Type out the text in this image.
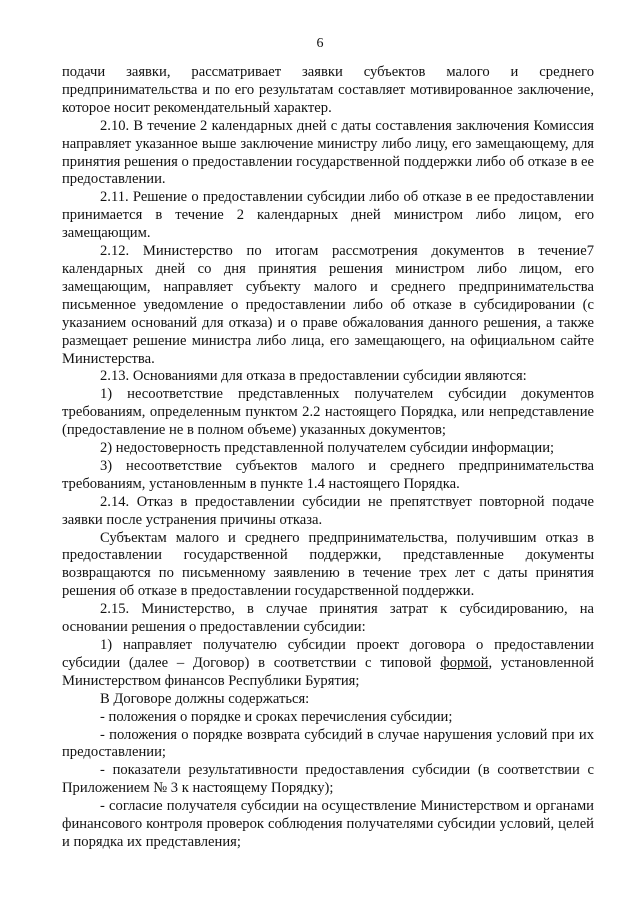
6

подачи заявки, рассматривает заявки субъектов малого и среднего предпринимательства и по его результатам составляет мотивированное заключение, которое носит рекомендательный характер.

2.10. В течение 2 календарных дней с даты составления заключения Комиссия направляет указанное выше заключение министру либо лицу, его замещающему, для принятия решения о предоставлении государственной поддержки либо об отказе в ее предоставлении.

2.11. Решение о предоставлении субсидии либо об отказе в ее предоставлении принимается в течение 2 календарных дней министром либо лицом, его замещающим.

2.12. Министерство по итогам рассмотрения документов в течение7 календарных дней со дня принятия решения министром либо лицом, его замещающим, направляет субъекту малого и среднего предпринимательства письменное уведомление о предоставлении либо об отказе в субсидировании (с указанием оснований для отказа) и о праве обжалования данного решения, а также размещает решение министра либо лица, его замещающего, на официальном сайте Министерства.

2.13. Основаниями для отказа в предоставлении субсидии являются:

1) несоответствие представленных получателем субсидии документов требованиям, определенным пунктом 2.2 настоящего Порядка, или непредставление (предоставление не в полном объеме) указанных документов;

2) недостоверность представленной получателем субсидии информации;

3) несоответствие субъектов малого и среднего предпринимательства требованиям, установленным в пункте 1.4 настоящего Порядка.

2.14. Отказ в предоставлении субсидии не препятствует повторной подаче заявки после устранения причины отказа.

Субъектам малого и среднего предпринимательства, получившим отказ в предоставлении государственной поддержки, представленные документы возвращаются по письменному заявлению в течение трех лет с даты принятия решения об отказе в предоставлении государственной поддержки.

2.15. Министерство, в случае принятия затрат к субсидированию, на основании решения о предоставлении субсидии:

1) направляет получателю субсидии проект договора о предоставлении субсидии (далее – Договор) в соответствии с типовой формой, установленной Министерством финансов Республики Бурятия;

В Договоре должны содержаться:

- положения о порядке и сроках перечисления субсидии;

- положения о порядке возврата субсидий в случае нарушения условий при их предоставлении;

- показатели результативности предоставления субсидии (в соответствии с Приложением № 3 к настоящему Порядку);

- согласие получателя субсидии на осуществление Министерством и органами финансового контроля проверок соблюдения получателями субсидии условий, целей и порядка их представления;
